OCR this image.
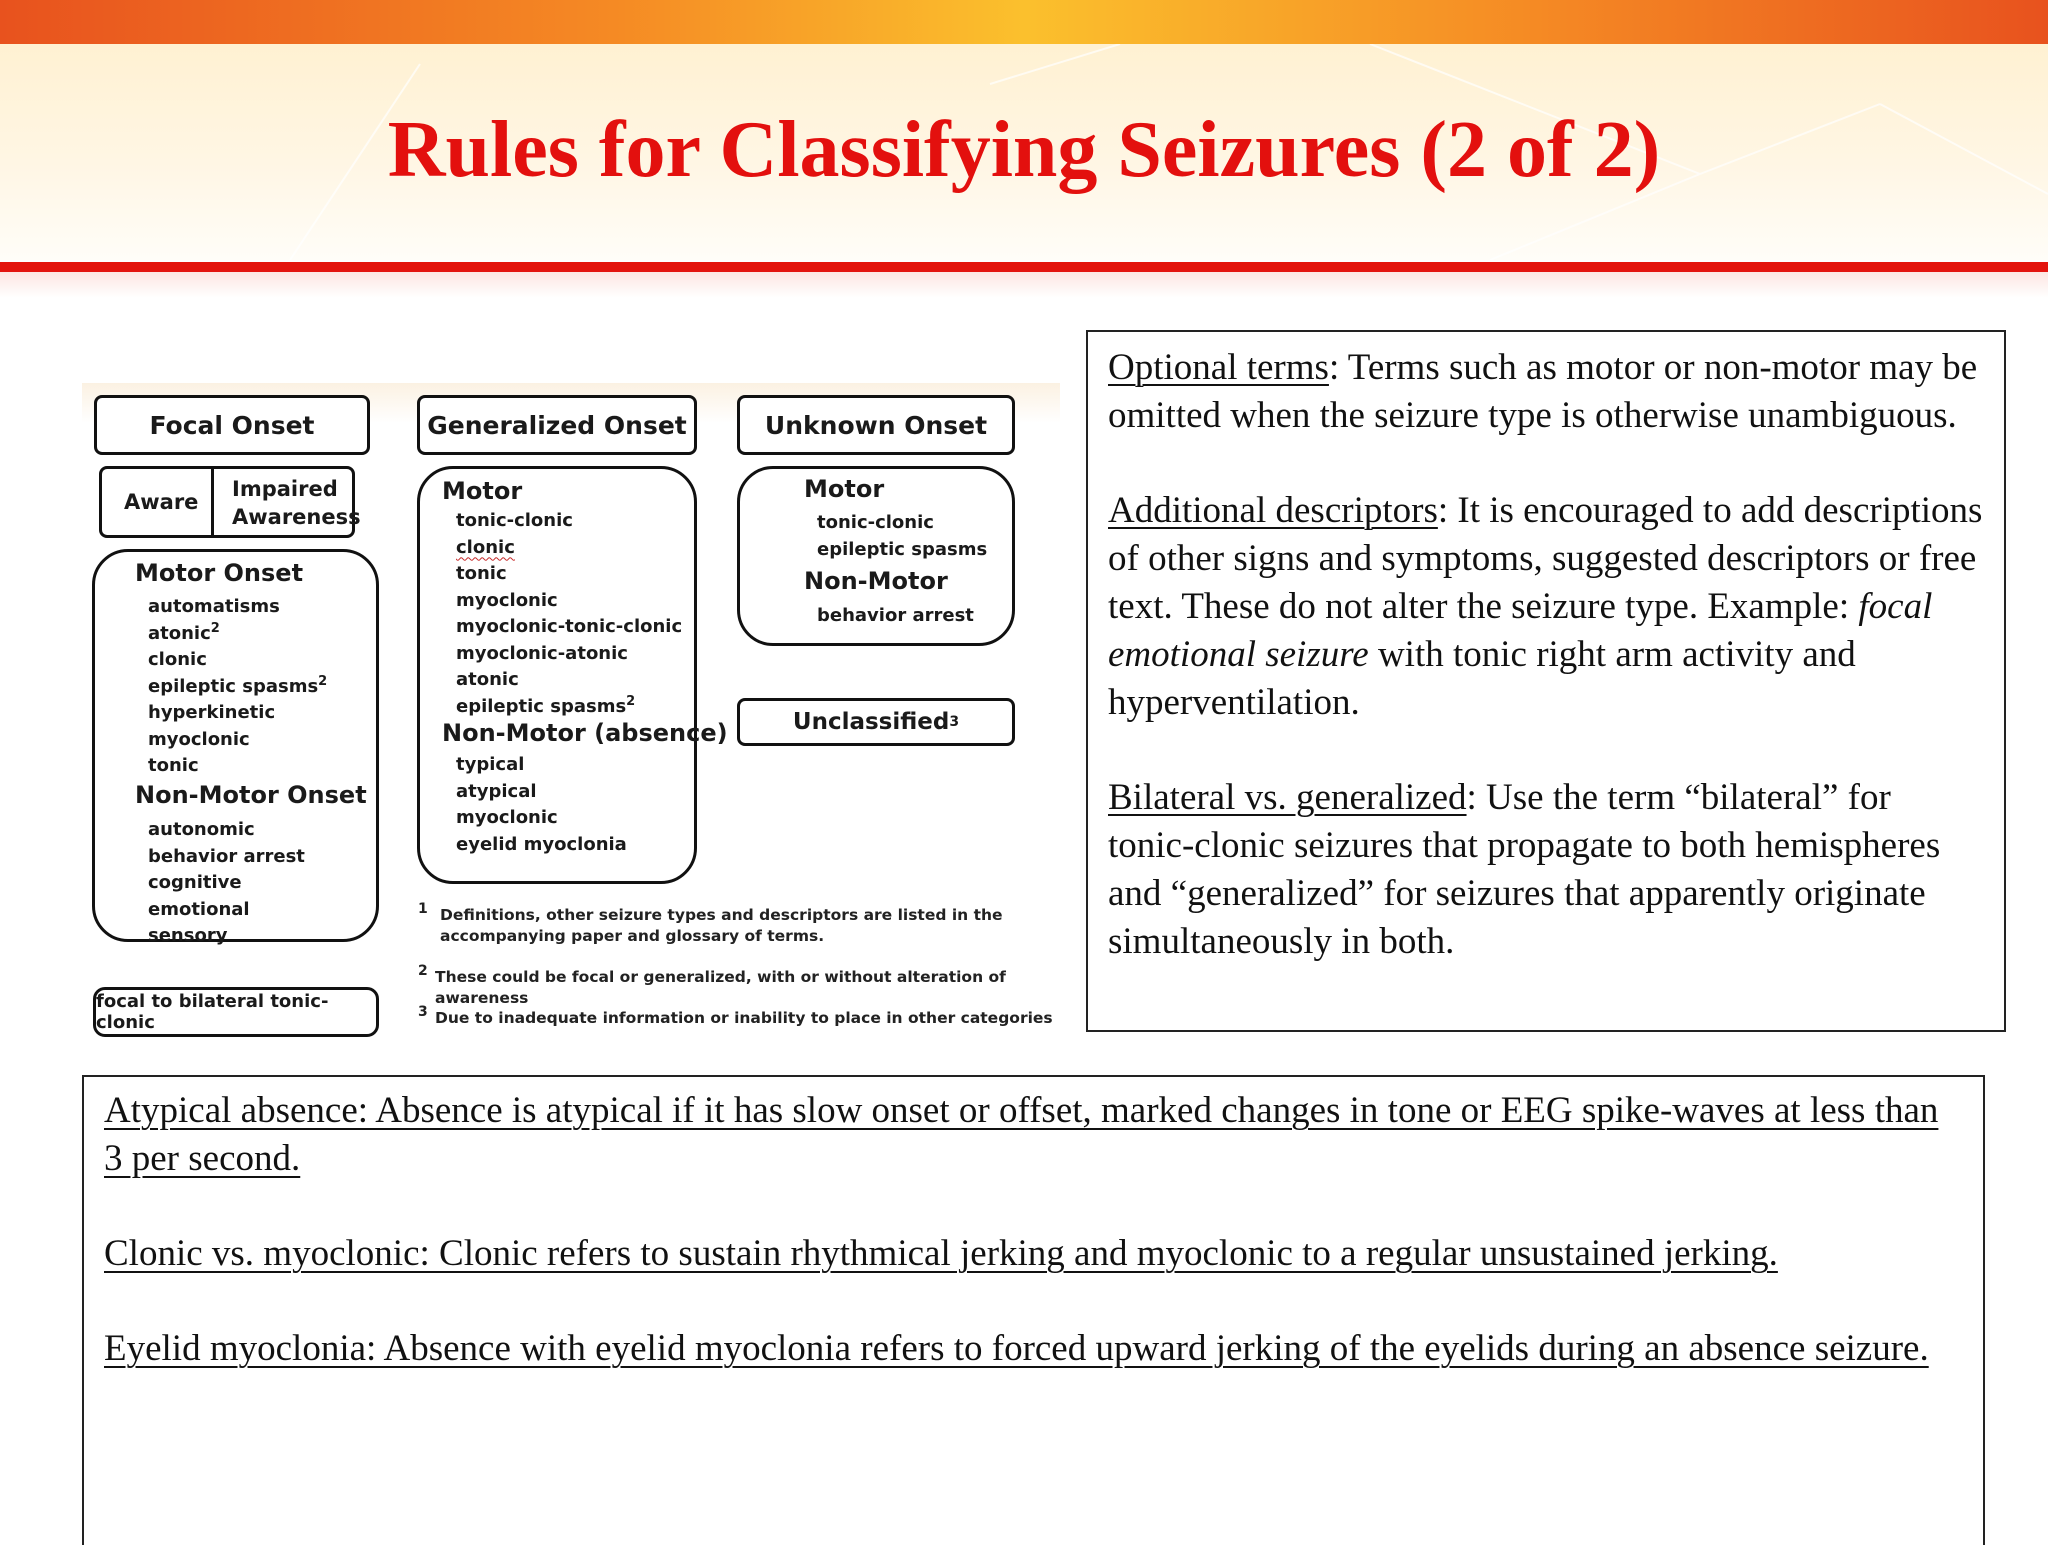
Rules for Classifying Seizures (2 of 2)
Focal Onset
Aware
Impaired
Awareness
Motor Onset
automatisms
atonic$^2$
clonic
epileptic spasms$^2$
hyperkinetic
myoclonic
tonic
Non-Motor Onset
autonomic
behavior arrest
cognitive
emotional
sensory
focal to bilateral tonic-clonic
Generalized Onset
Motor
tonic-clonic
clonic
tonic
myoclonic
myoclonic-tonic-clonic
myoclonic-atonic
atonic
epileptic spasms$^2$
Non-Motor (absence)
typical
atypical
myoclonic
eyelid myoclonia
Unknown Onset
Motor
tonic-clonic
epileptic spasms
Non-Motor
behavior arrest
Unclassified 3
1 Definitions, other seizure types and descriptors are listed in the
accompanying paper and glossary of terms.
2 These could be focal or generalized, with or without alteration of awareness
3 Due to inadequate information or inability to place in other categories

Optional terms: Terms such as motor or non-motor may be omitted when the seizure type is otherwise unambiguous.

Additional descriptors: It is encouraged to add descriptions of other signs and symptoms, suggested descriptors or free text. These do not alter the seizure type. Example: focal emotional seizure with tonic right arm activity and hyperventilation.

Bilateral vs. generalized: Use the term “bilateral” for tonic-clonic seizures that propagate to both hemispheres and “generalized” for seizures that apparently originate simultaneously in both.

Atypical absence: Absence is atypical if it has slow onset or offset, marked changes in tone or EEG spike-waves at less than 3 per second.

Clonic vs. myoclonic: Clonic refers to sustain rhythmical jerking and myoclonic to a regular unsustained jerking.

Eyelid myoclonia: Absence with eyelid myoclonia refers to forced upward jerking of the eyelids during an absence seizure.
